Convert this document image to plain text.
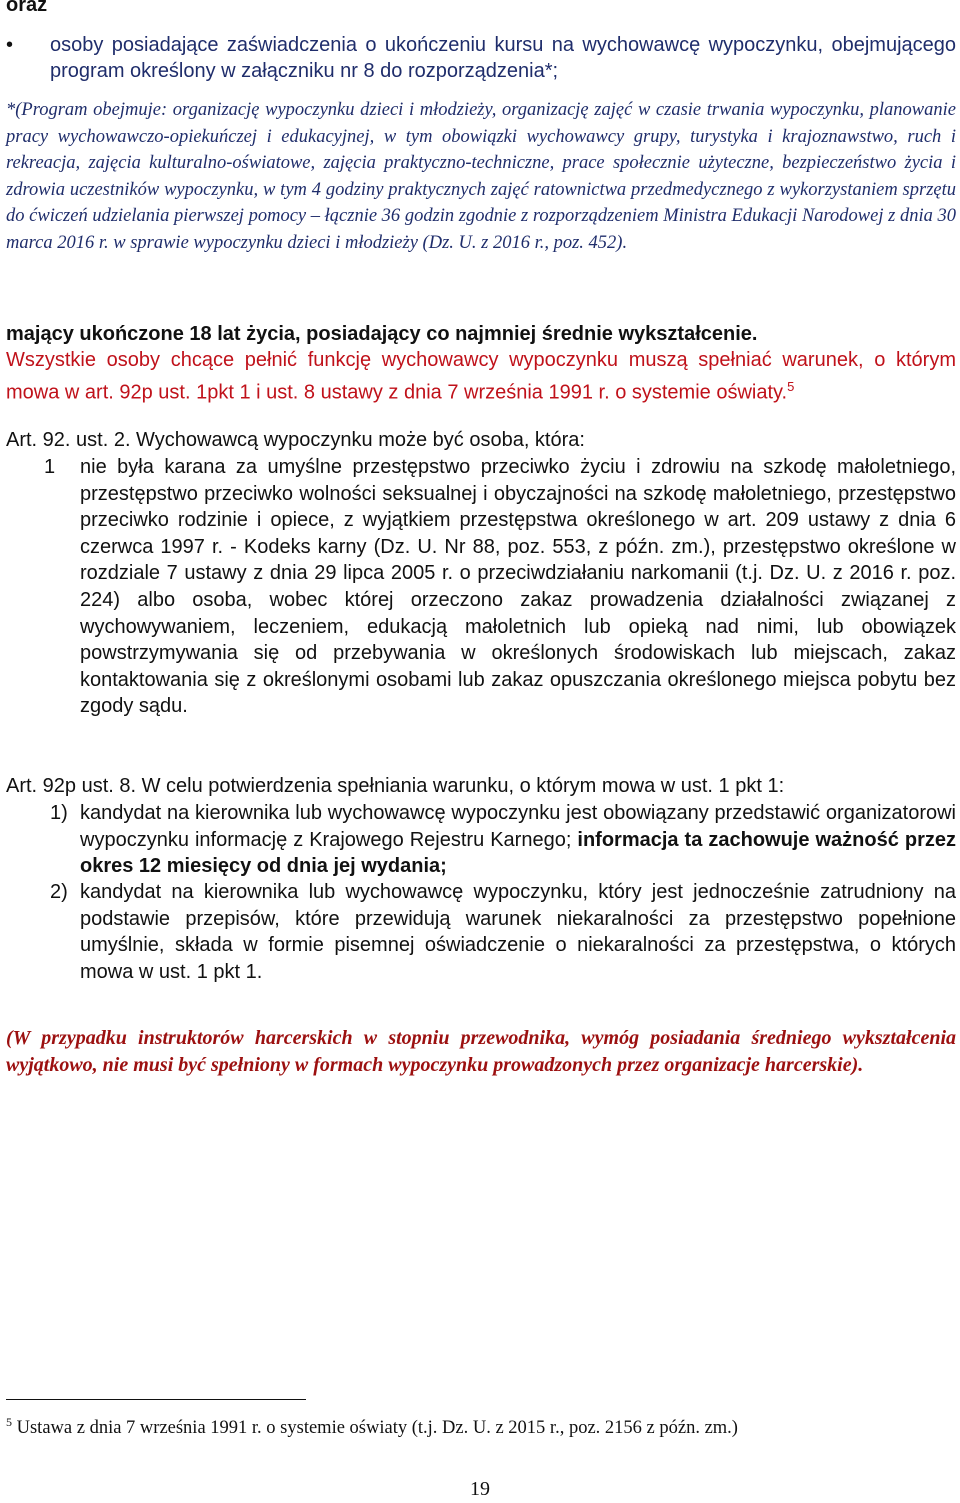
oraz
• osoby posiadające zaświadczenia o ukończeniu kursu na wychowawcę wypoczynku, obejmującego program określony w załączniku nr 8 do rozporządzenia*;
*(Program obejmuje: organizację wypoczynku dzieci i młodzieży, organizację zajęć w czasie trwania wypoczynku, planowanie pracy wychowawczo-opiekuńczej i edukacyjnej, w tym obowiązki wychowawcy grupy, turystyka i krajoznawstwo, ruch i rekreacja, zajęcia kulturalno-oświatowe, zajęcia praktyczno-techniczne, prace społecznie użyteczne, bezpieczeństwo życia i zdrowia uczestników wypoczynku, w tym 4 godziny praktycznych zajęć ratownictwa przedmedycznego z wykorzystaniem sprzętu do ćwiczeń udzielania pierwszej pomocy – łącznie 36 godzin zgodnie z rozporządzeniem Ministra Edukacji Narodowej z dnia 30 marca 2016 r. w sprawie wypoczynku dzieci i młodzieży (Dz. U. z 2016 r., poz. 452).
mający ukończone 18 lat życia, posiadający co najmniej średnie wykształcenie.
Wszystkie osoby chcące pełnić funkcję wychowawcy wypoczynku muszą spełniać warunek, o którym mowa w art. 92p ust. 1pkt 1 i ust. 8 ustawy z dnia 7 września 1991 r. o systemie oświaty.$^5$
Art. 92. ust. 2. Wychowawcą wypoczynku może być osoba, która:
1 nie była karana za umyślne przestępstwo przeciwko życiu i zdrowiu na szkodę małoletniego, przestępstwo przeciwko wolności seksualnej i obyczajności na szkodę małoletniego, przestępstwo przeciwko rodzinie i opiece, z wyjątkiem przestępstwa określonego w art. 209 ustawy z dnia 6 czerwca 1997 r. - Kodeks karny (Dz. U. Nr 88, poz. 553, z późn. zm.), przestępstwo określone w rozdziale 7 ustawy z dnia 29 lipca 2005 r. o przeciwdziałaniu narkomanii (t.j. Dz. U. z 2016 r. poz. 224) albo osoba, wobec której orzeczono zakaz prowadzenia działalności związanej z wychowywaniem, leczeniem, edukacją małoletnich lub opieką nad nimi, lub obowiązek powstrzymywania się od przebywania w określonych środowiskach lub miejscach, zakaz kontaktowania się z określonymi osobami lub zakaz opuszczania określonego miejsca pobytu bez zgody sądu.
Art. 92p ust. 8. W celu potwierdzenia spełniania warunku, o którym mowa w ust. 1 pkt 1:
1) kandydat na kierownika lub wychowawcę wypoczynku jest obowiązany przedstawić organizatorowi wypoczynku informację z Krajowego Rejestru Karnego; informacja ta zachowuje ważność przez okres 12 miesięcy od dnia jej wydania;
2) kandydat na kierownika lub wychowawcę wypoczynku, który jest jednocześnie zatrudniony na podstawie przepisów, które przewidują warunek niekaralności za przestępstwo popełnione umyślnie, składa w formie pisemnej oświadczenie o niekaralności za przestępstwa, o których mowa w ust. 1 pkt 1.
(W przypadku instruktorów harcerskich w stopniu przewodnika, wymóg posiadania średniego wykształcenia wyjątkowo, nie musi być spełniony w formach wypoczynku prowadzonych przez organizacje harcerskie).
$^5$ Ustawa z dnia 7 września 1991 r. o systemie oświaty (t.j. Dz. U. z 2015 r., poz. 2156 z późn. zm.)
19
